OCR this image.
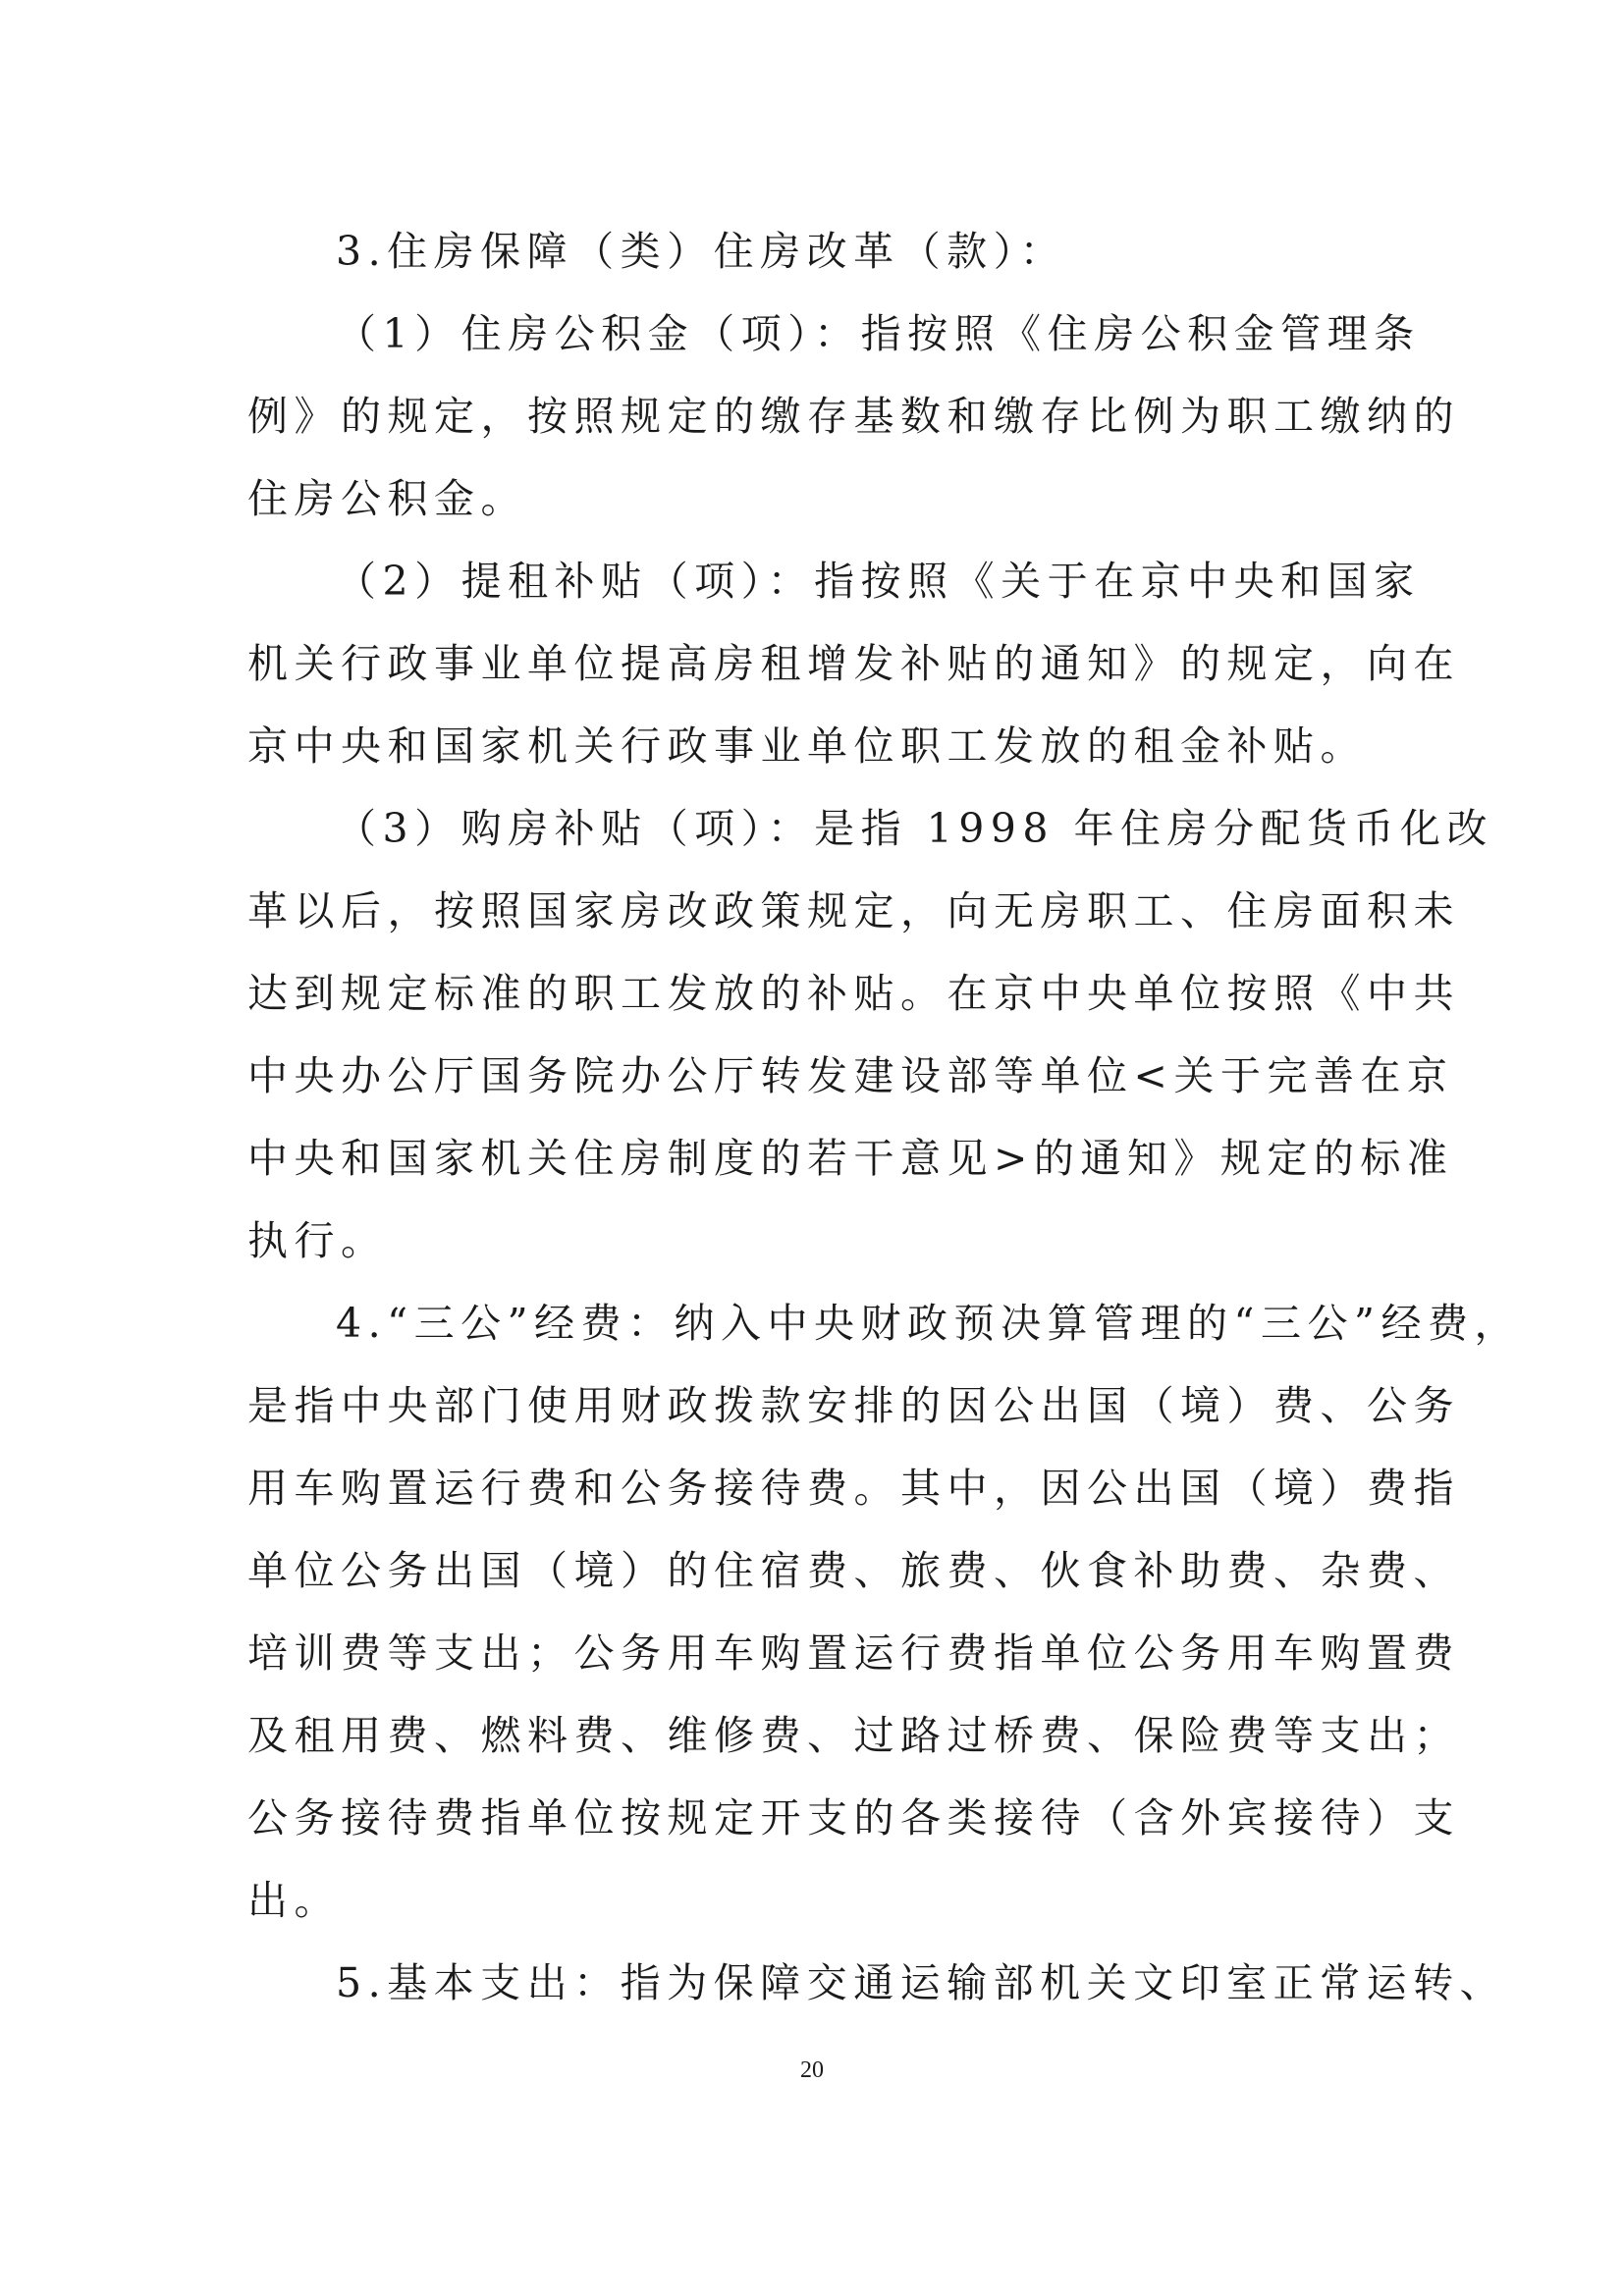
3.住房保障（类）住房改革（款）：
（1）住房公积金（项）：指按照《住房公积金管理条
例》的规定，按照规定的缴存基数和缴存比例为职工缴纳的
住房公积金。
（2）提租补贴（项）：指按照《关于在京中央和国家
机关行政事业单位提高房租增发补贴的通知》的规定，向在
京中央和国家机关行政事业单位职工发放的租金补贴。
（3）购房补贴（项）：是指 1998 年住房分配货币化改
革以后，按照国家房改政策规定，向无房职工、住房面积未
达到规定标准的职工发放的补贴。在京中央单位按照《中共
中央办公厅国务院办公厅转发建设部等单位<关于完善在京
中央和国家机关住房制度的若干意见>的通知》规定的标准
执行。
4.“三公”经费：纳入中央财政预决算管理的“三公”经费，
是指中央部门使用财政拨款安排的因公出国（境）费、公务
用车购置运行费和公务接待费。其中，因公出国（境）费指
单位公务出国（境）的住宿费、旅费、伙食补助费、杂费、
培训费等支出；公务用车购置运行费指单位公务用车购置费
及租用费、燃料费、维修费、过路过桥费、保险费等支出；
公务接待费指单位按规定开支的各类接待（含外宾接待）支
出。
5.基本支出：指为保障交通运输部机关文印室正常运转、
20
